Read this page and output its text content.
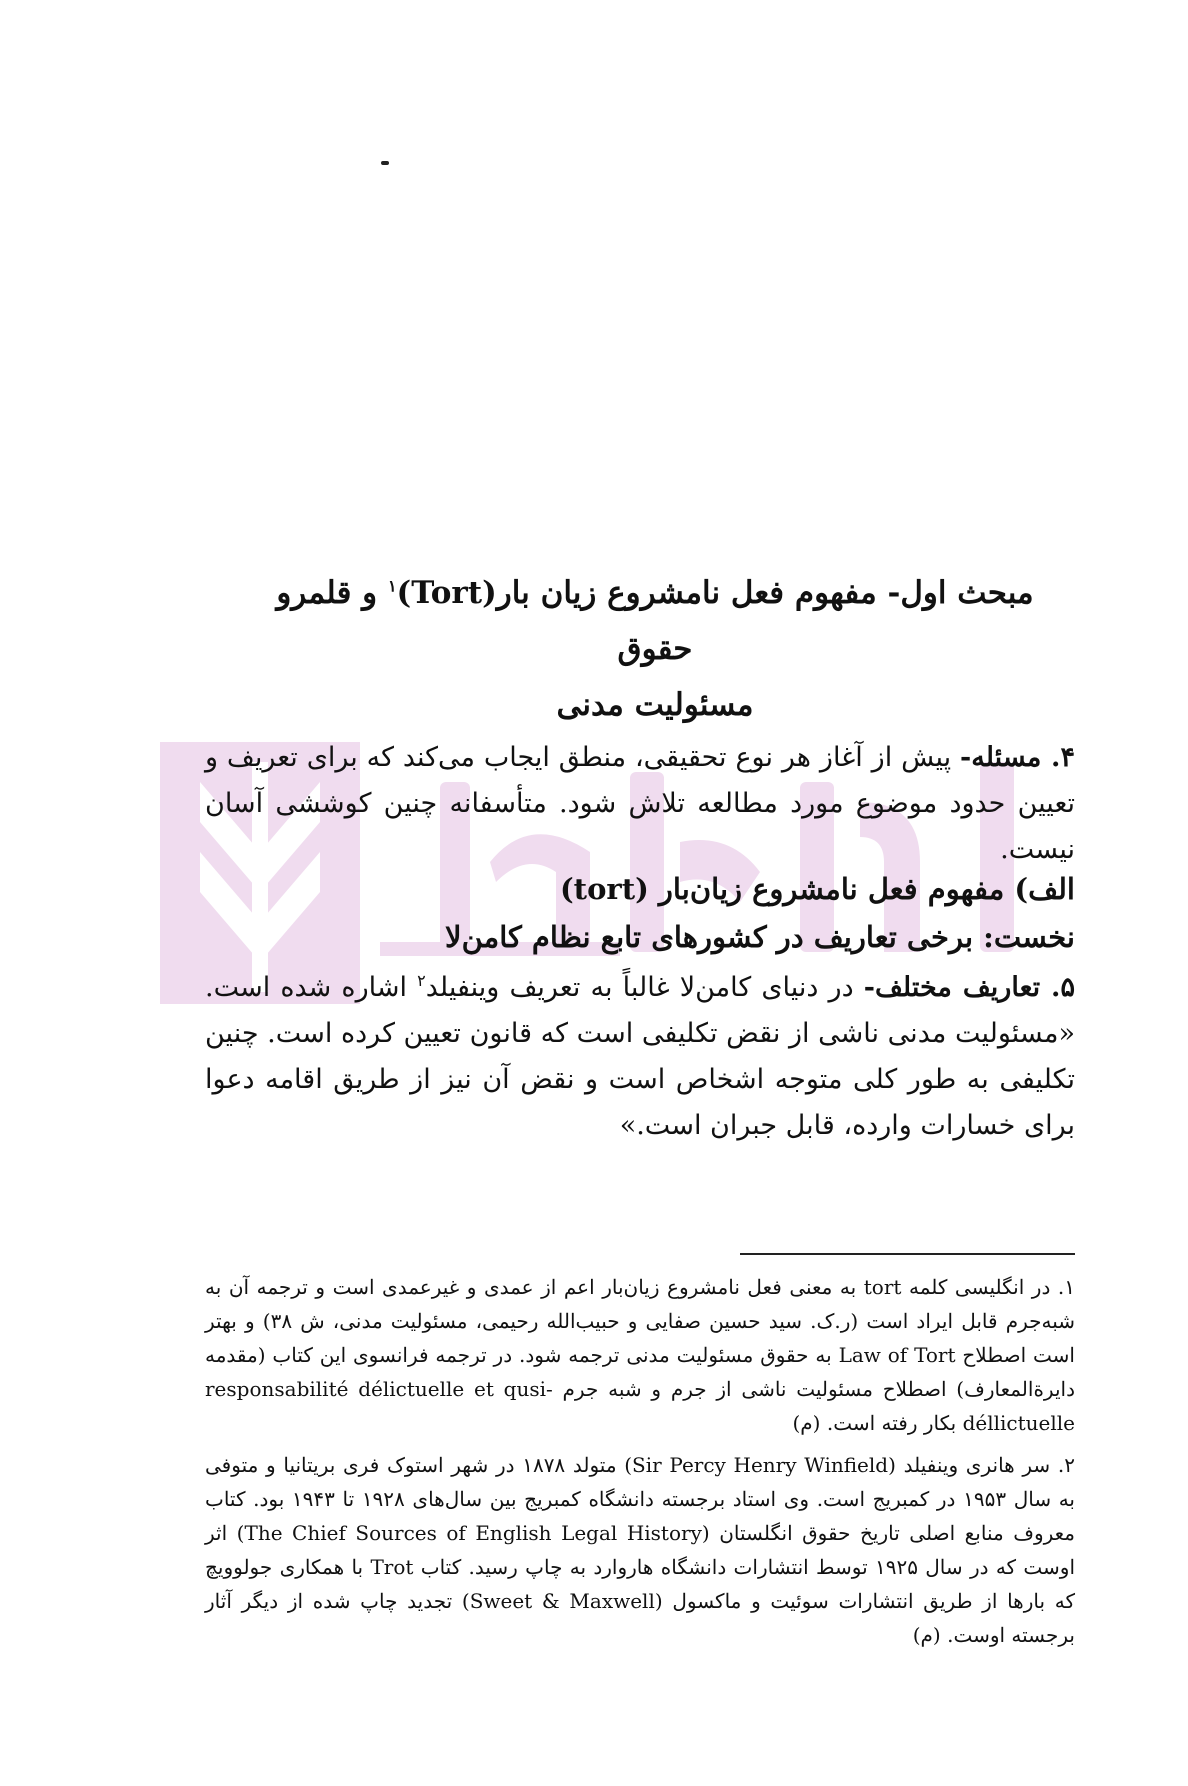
مبحث اول- مفهوم فعل نامشروع زیان بار(Tort)$^۱$ و قلمرو حقوق
مسئولیت مدنی
۴. مسئله- پیش از آغاز هر نوع تحقیقی، منطق ایجاب می‌کند که برای تعریف و تعیین حدود موضوع مورد مطالعه تلاش شود. متأسفانه چنین کوششی آسان نیست.
الف) مفهوم فعل نامشروع زیان‌بار (tort)
نخست: برخی تعاریف در کشورهای تابع نظام کامن‌لا
۵. تعاریف مختلف- در دنیای کامن‌لا غالباً به تعریف وینفیلد$^۲$ اشاره شده است. «مسئولیت مدنی ناشی از نقض تکلیفی است که قانون تعیین کرده است. چنین تکلیفی به طور کلی متوجه اشخاص است و نقض آن نیز از طریق اقامه دعوا برای خسارات وارده، قابل جبران است.»
۱. در انگلیسی کلمه tort به معنی فعل نامشروع زیان‌بار اعم از عمدی و غیرعمدی است و ترجمه آن به شبه‌جرم قابل ایراد است (ر.ک. سید حسین صفایی و حبیب‌الله رحیمی، مسئولیت مدنی، ش ۳۸) و بهتر است اصطلاح Law of Tort به حقوق مسئولیت مدنی ترجمه شود. در ترجمه فرانسوی این کتاب (مقدمه دایرةالمعارف) اصطلاح مسئولیت ناشی از جرم و شبه جرم responsabilité délictuelle et qusi-déllictuelle بکار رفته است. (م)
۲. سر هانری وینفیلد (Sir Percy Henry Winfield) متولد ۱۸۷۸ در شهر استوک فری بریتانیا و متوفی به سال ۱۹۵۳ در کمبریج است. وی استاد برجسته دانشگاه کمبریج بین سال‌های ۱۹۲۸ تا ۱۹۴۳ بود. کتاب معروف منابع اصلی تاریخ حقوق انگلستان (The Chief Sources of English Legal History) اثر اوست که در سال ۱۹۲۵ توسط انتشارات دانشگاه هاروارد به چاپ رسید. کتاب Trot با همکاری جولوویچ که بارها از طریق انتشارات سوئیت و ماکسول (Sweet & Maxwell) تجدید چاپ شده از دیگر آثار برجسته اوست. (م)
